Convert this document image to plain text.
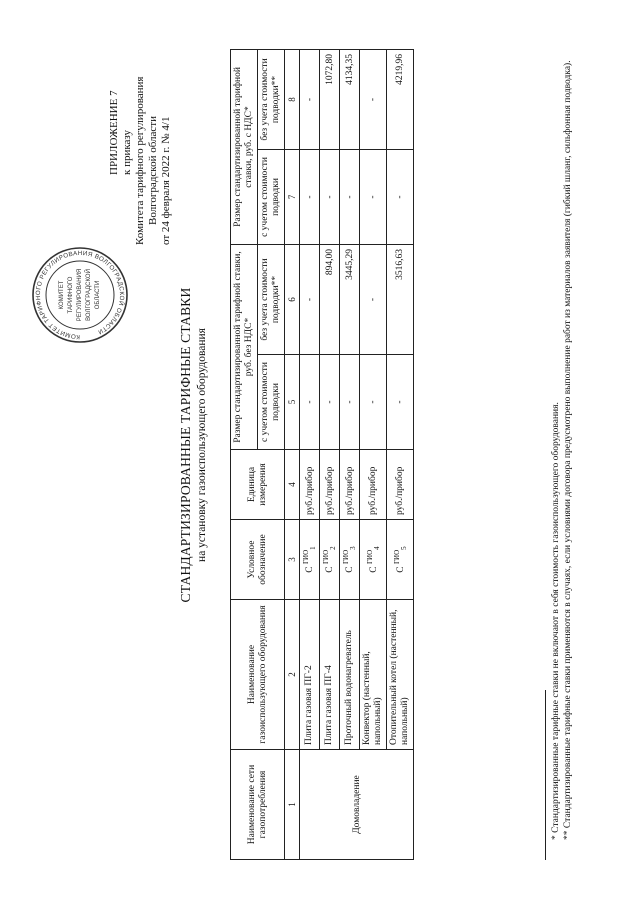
КОМИТЕТ ТАРИФНОГО РЕГУЛИРОВАНИЯ ВОЛГОГРАДСКОЙ ОБЛАСТИ
КОМИТЕТ ТАРИФНОГО РЕГУЛИРОВАНИЯ ВОЛГОГРАДСКОЙ ОБЛАСТИ
ПРИЛОЖЕНИЕ 7 к приказу Комитета тарифного регулирования Волгоградской области от 24 февраля 2022 г. № 4/1
СТАНДАРТИЗИРОВАННЫЕ ТАРИФНЫЕ СТАВКИ на установку газоиспользующего оборудования
Наименование сети газопотребления	Наименование газоиспользующего оборудования	Условное обозначение	Единица измерения	Размер стандартизированной тарифной ставки, руб. без НДС*		Размер стандартизированной тарифной ставки, руб. с НДС*	
				с учетом стоимости подводки	без учета стоимости подводки**	с учетом стоимости подводки	без учета стоимости подводки**
1	2	3	4	5	6	7	8
Домовладение	Плита газовая ПГ-2	С $^{ГИО}_1$	руб./прибор	-	-	-	-
	Плита газовая ПГ-4	С $^{ГИО}_2$	руб./прибор	-	894,00	-	1072,80
	Проточный водонагреватель	С $^{ГИО}_3$	руб./прибор	-	3445,29	-	4134,35
	Конвектор (настенный, напольный)	С $^{ГИО}_4$	руб./прибор	-	-	-	-
	Отопительный котел (настенный, напольный)	С $^{ГИО}_5$	руб./прибор	-	3516,63	-	4219,96
* Стандартизированные тарифные ставки не включают в себя стоимость газоиспользующего оборудования. ** Стандартизированные тарифные ставки применяются в случаях, если условиями договора предусмотрено выполнение работ из материалов заявителя (гибкий шланг, сильфонная подводка).
